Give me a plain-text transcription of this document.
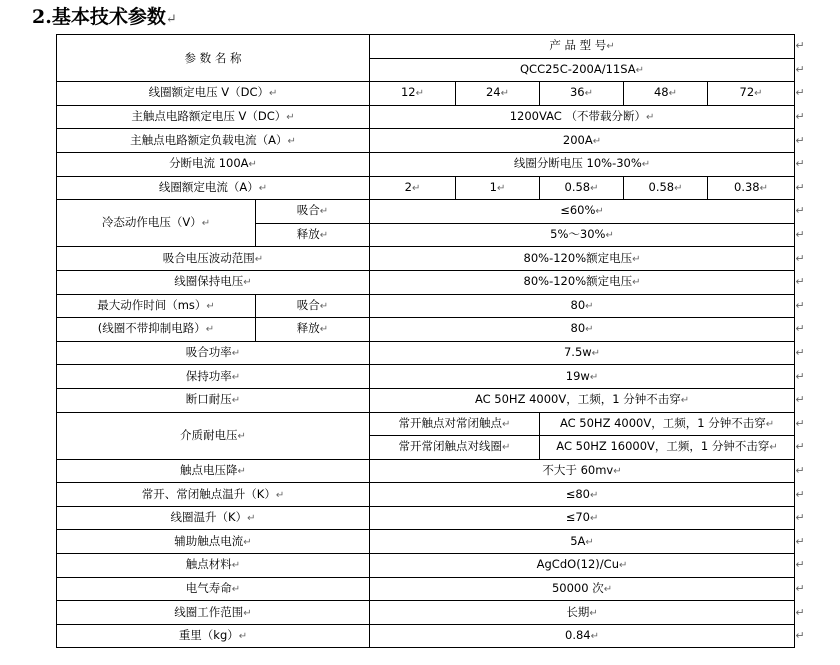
2.基本技术参数↵
参 数 名 称		产 品 型 号↵				
		QCC25C-200A/11SA↵				
线圈额定电压 V（DC）↵		12↵	24↵	36↵	48↵	72↵
主触点电路额定电压 V（DC）↵		1200VAC （不带载分断）↵				
主触点电路额定负载电流（A）↵		200A↵				
分断电流 100A↵		线圈分断电压 10%-30%↵				
线圈额定电流（A）↵		2↵	1↵	0.58↵	0.58↵	0.38↵
冷态动作电压（V）↵	吸合↵	≤60%↵				
	释放↵	5%～30%↵				
吸合电压波动范围↵		80%-120%额定电压↵				
线圈保持电压↵		80%-120%额定电压↵				
最大动作时间（ms）↵	吸合↵	80↵				
(线圈不带抑制电路）↵	释放↵	80↵				
吸合功率↵		7.5w↵				
保持功率↵		19w↵				
断口耐压↵		AC 50HZ 4000V，工频，1 分钟不击穿↵				
介质耐电压↵		常开触点对常闭触点↵		AC 50HZ 4000V，工频，1 分钟不击穿↵		
		常开常闭触点对线圈↵		AC 50HZ 16000V，工频，1 分钟不击穿↵		
触点电压降↵		不大于 60mv↵				
常开、常闭触点温升（K）↵		≤80↵				
线圈温升（K）↵		≤70↵				
辅助触点电流↵		5A↵				
触点材料↵		AgCdO(12)/Cu↵				
电气寿命↵		50000 次↵				
线圈工作范围↵		长期↵				
重里（kg）↵		0.84↵				
↵
↵
↵
↵
↵
↵
↵
↵
↵
↵
↵
↵
↵
↵
↵
↵
↵
↵
↵
↵
↵
↵
↵
↵
↵
↵
